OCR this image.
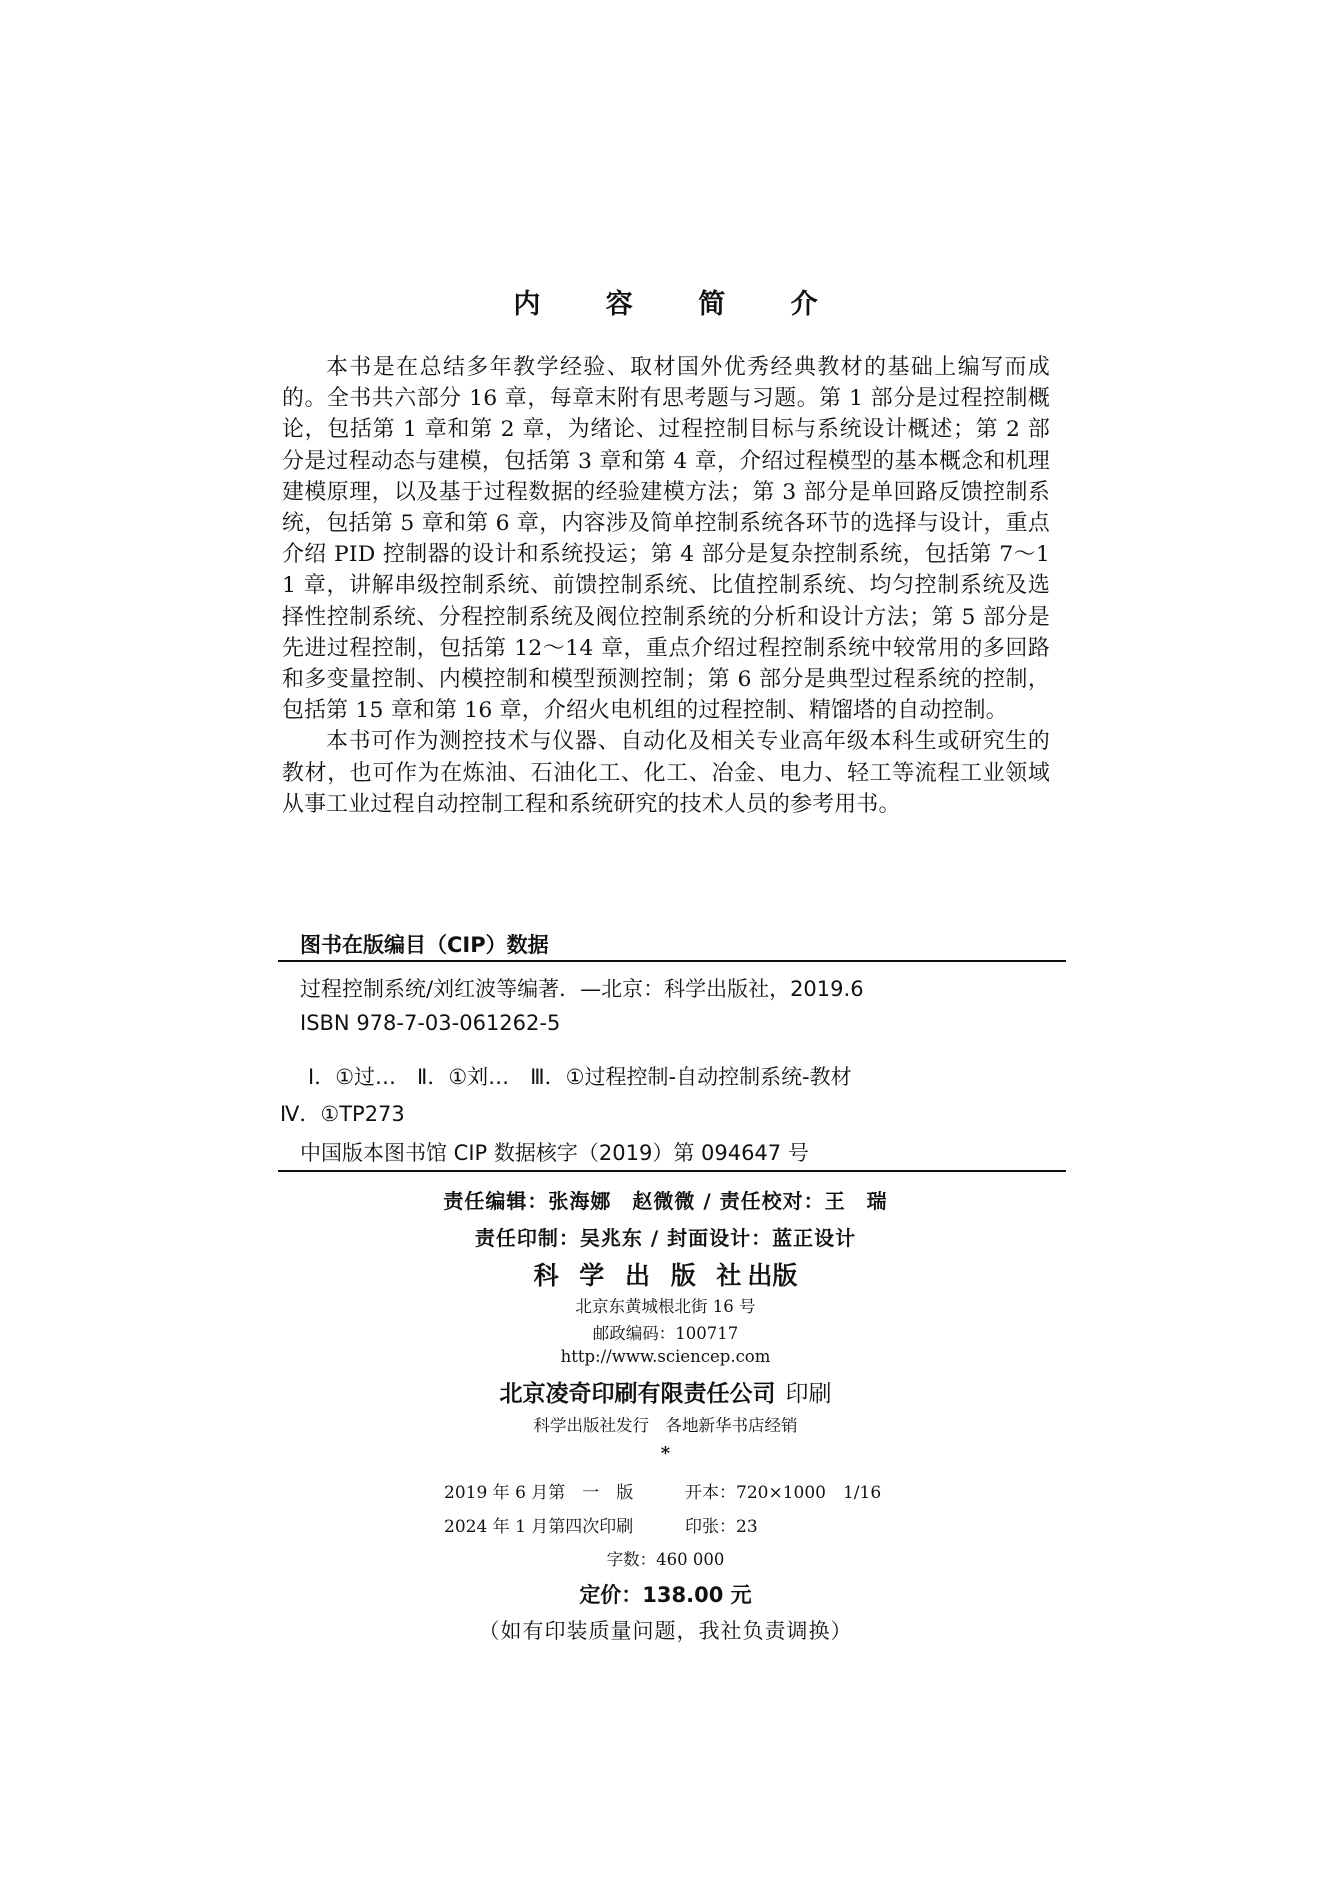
内 容 简 介

本书是在总结多年教学经验、取材国外优秀经典教材的基础上编写而成的。全书共六部分 16 章，每章末附有思考题与习题。第 1 部分是过程控制概论，包括第 1 章和第 2 章，为绪论、过程控制目标与系统设计概述；第 2 部分是过程动态与建模，包括第 3 章和第 4 章，介绍过程模型的基本概念和机理建模原理，以及基于过程数据的经验建模方法；第 3 部分是单回路反馈控制系统，包括第 5 章和第 6 章，内容涉及简单控制系统各环节的选择与设计，重点介绍 PID 控制器的设计和系统投运；第 4 部分是复杂控制系统，包括第 7～11 章，讲解串级控制系统、前馈控制系统、比值控制系统、均匀控制系统及选择性控制系统、分程控制系统及阀位控制系统的分析和设计方法；第 5 部分是先进过程控制，包括第 12～14 章，重点介绍过程控制系统中较常用的多回路和多变量控制、内模控制和模型预测控制；第 6 部分是典型过程系统的控制，包括第 15 章和第 16 章，介绍火电机组的过程控制、精馏塔的自动控制。

本书可作为测控技术与仪器、自动化及相关专业高年级本科生或研究生的教材，也可作为在炼油、石油化工、化工、冶金、电力、轻工等流程工业领域从事工业过程自动控制工程和系统研究的技术人员的参考用书。

图书在版编目（CIP）数据
过程控制系统/刘红波等编著．—北京：科学出版社，2019.6
ISBN 978-7-03-061262-5
Ⅰ．①过…　Ⅱ．①刘…　Ⅲ．①过程控制-自动控制系统-教材
Ⅳ．①TP273
中国版本图书馆 CIP 数据核字（2019）第 094647 号
责任编辑：张海娜　赵微微 / 责任校对：王　瑞
责任印制：吴兆东 / 封面设计：蓝正设计
科 学 出 版 社出版
北京东黄城根北街 16 号
邮政编码：100717
http://www.sciencep.com
北京凌奇印刷有限责任公司 印刷
科学出版社发行　各地新华书店经销
*
2019 年 6 月第　一　版	开本：720×1000　1/16
2024 年 1 月第四次印刷	印张：23
字数：460 000
定价：138.00 元
（如有印装质量问题，我社负责调换）
